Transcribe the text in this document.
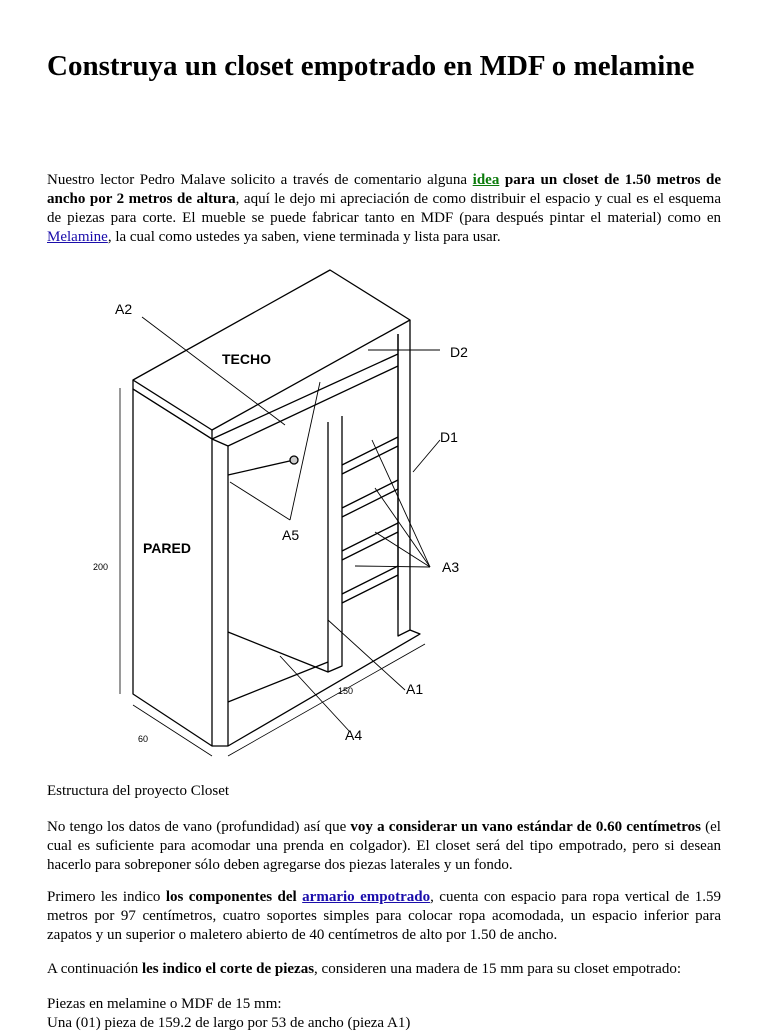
Construya un closet empotrado en MDF o melamine

Nuestro lector Pedro Malave solicito a través de comentario alguna idea para un closet de 1.50 metros de ancho por 2 metros de altura, aquí le dejo mi apreciación de como distribuir el espacio y cual es el esquema de piezas para corte. El mueble se puede fabricar tanto en MDF (para después pintar el material) como en Melamine, la cual como ustedes ya saben, viene terminada y lista para usar.

A2
TECHO	D2
D1
PARED
A5
A3
200
150	A1
60	A4

Estructura del proyecto Closet

No tengo los datos de vano (profundidad) así que voy a considerar un vano estándar de 0.60 centímetros (el cual es suficiente para acomodar una prenda en colgador). El closet será del tipo empotrado, pero si desean hacerlo para sobreponer sólo deben agregarse dos piezas laterales y un fondo.

Primero les indico los componentes del armario empotrado, cuenta con espacio para ropa vertical de 1.59 metros por 97 centímetros, cuatro soportes simples para colocar ropa acomodada, un espacio inferior para zapatos y un superior o maletero abierto de 40 centímetros de alto por 1.50 de ancho.

A continuación les indico el corte de piezas, consideren una madera de 15 mm para su closet empotrado:

Piezas en melamine o MDF de 15 mm:

Una (01) pieza de 159.2 de largo por 53 de ancho (pieza A1)
